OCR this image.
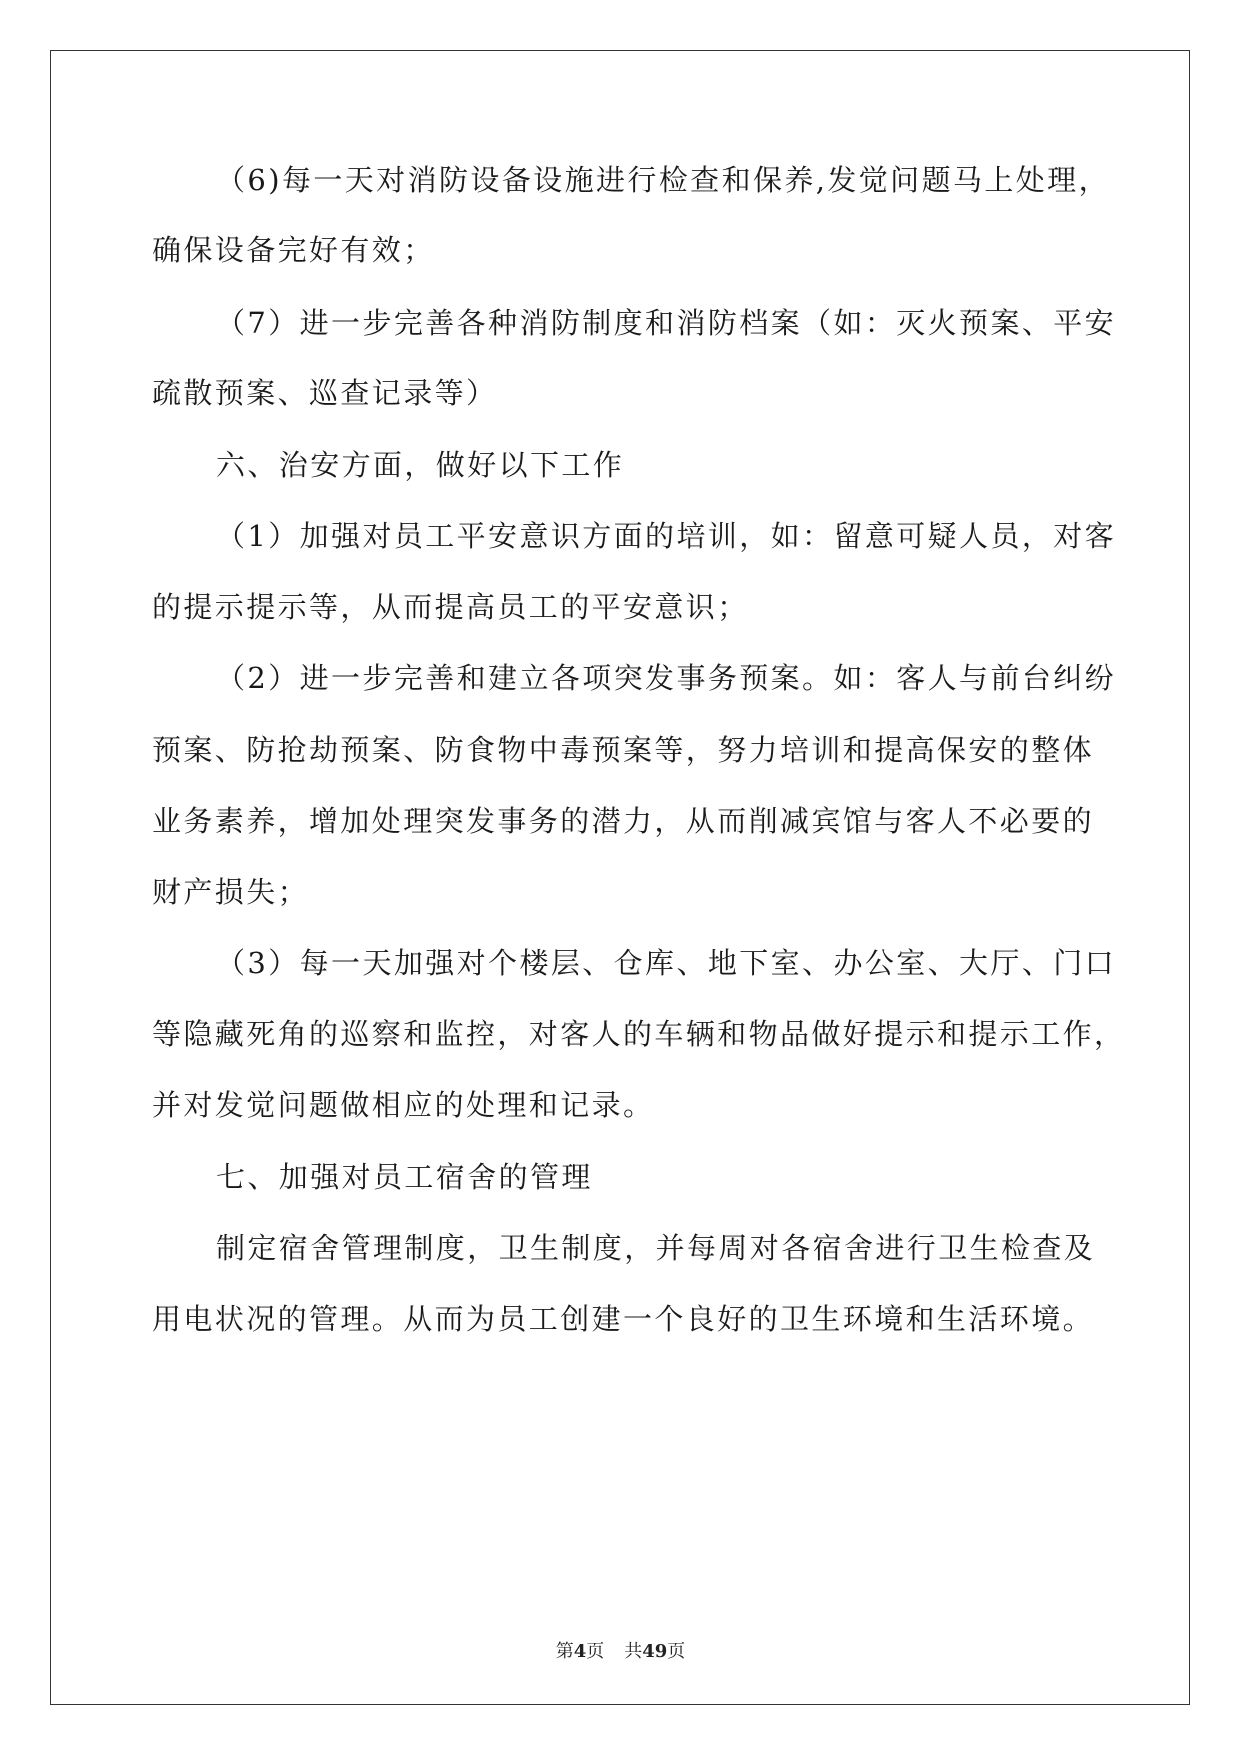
（6)每一天对消防设备设施进行检查和保养,发觉问题马上处理，
确保设备完好有效；
（7）进一步完善各种消防制度和消防档案（如：灭火预案、平安
疏散预案、巡查记录等）
六、治安方面，做好以下工作
（1）加强对员工平安意识方面的培训，如：留意可疑人员，对客
的提示提示等，从而提高员工的平安意识；
（2）进一步完善和建立各项突发事务预案。如：客人与前台纠纷
预案、防抢劫预案、防食物中毒预案等，努力培训和提高保安的整体
业务素养，增加处理突发事务的潜力，从而削减宾馆与客人不必要的
财产损失；
（3）每一天加强对个楼层、仓库、地下室、办公室、大厅、门口
等隐藏死角的巡察和监控，对客人的车辆和物品做好提示和提示工作，
并对发觉问题做相应的处理和记录。
七、加强对员工宿舍的管理
制定宿舍管理制度，卫生制度，并每周对各宿舍进行卫生检查及
用电状况的管理。从而为员工创建一个良好的卫生环境和生活环境。
第4页 共49页
